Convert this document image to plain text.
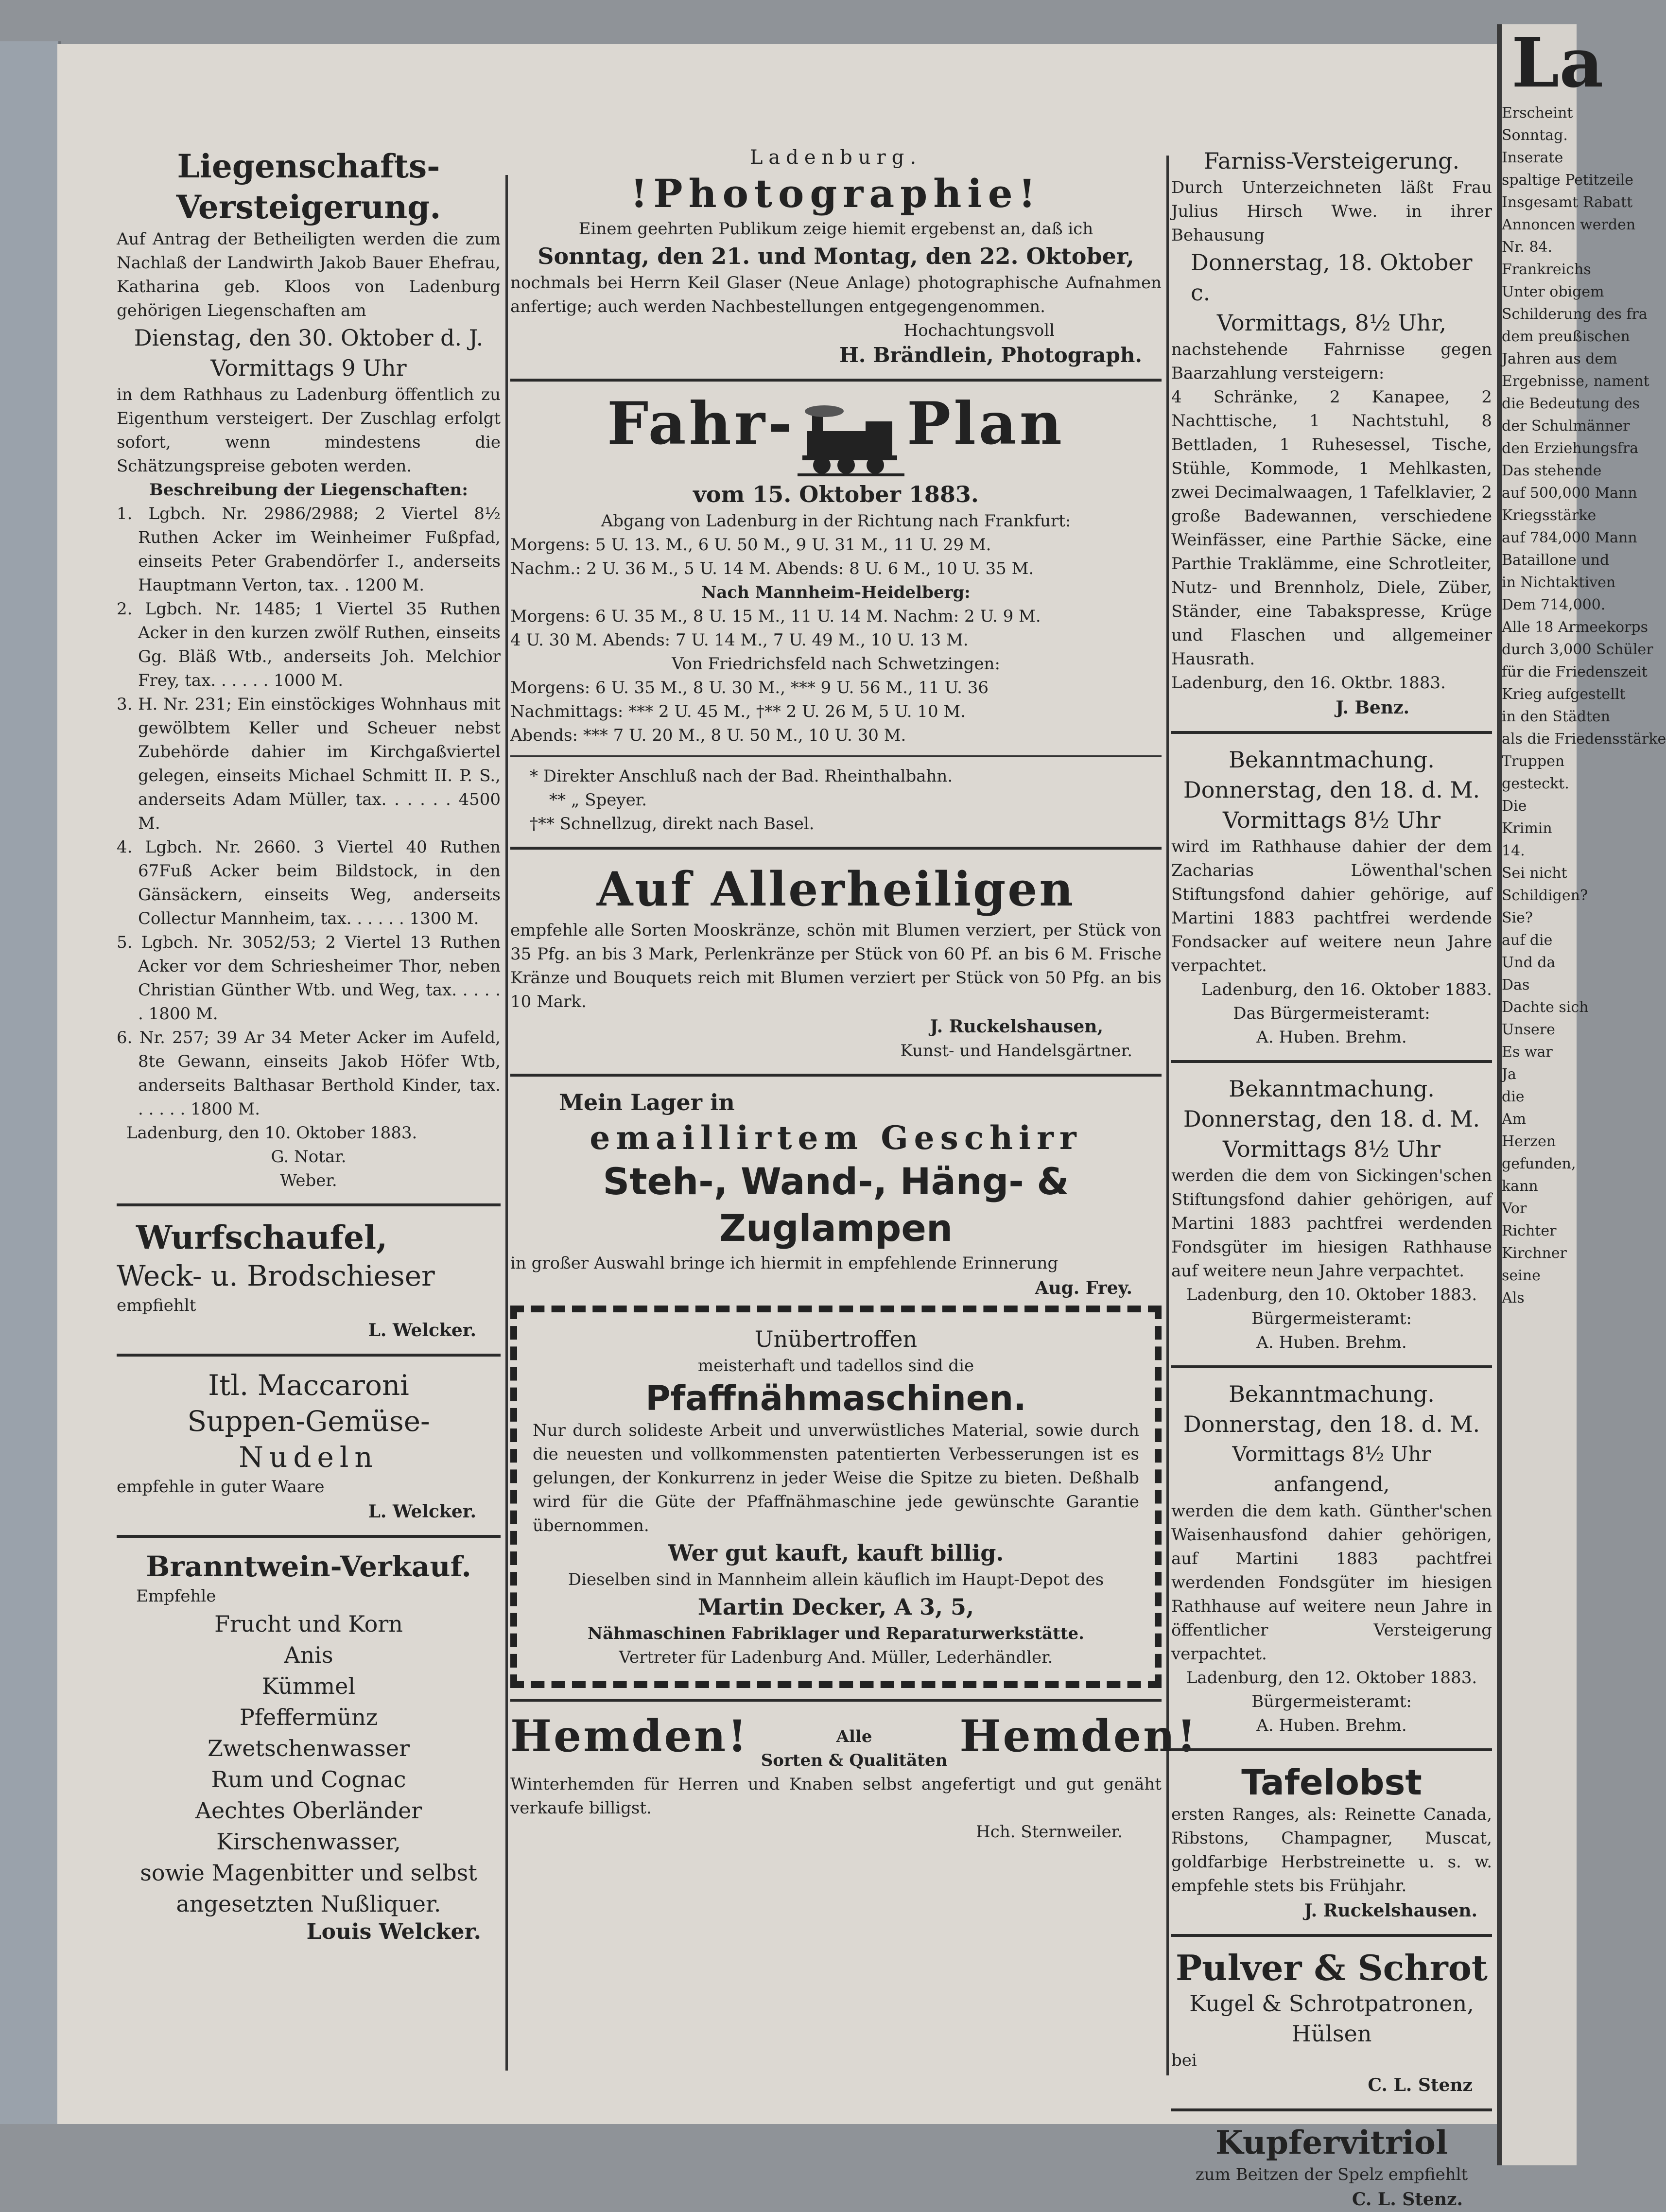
Liegenschafts-

Versteigerung.

Auf Antrag der Betheiligten werden die zum Nachlaß der Landwirth Jakob Bauer Ehefrau, Katharina geb. Kloos von Ladenburg gehörigen Liegenschaften am

Dienstag, den 30. Oktober d. J.

Vormittags 9 Uhr

in dem Rathhaus zu Ladenburg öffentlich zu Eigenthum versteigert. Der Zuschlag erfolgt sofort, wenn mindestens die Schätzungspreise geboten werden.

Beschreibung der Liegenschaften:

1. Lgbch. Nr. 2986/2988; 2 Viertel 8½ Ruthen Acker im Weinheimer Fußpfad, einseits Peter Grabendörfer I., anderseits Hauptmann Verton, tax. . 1200 M.

2. Lgbch. Nr. 1485; 1 Viertel 35 Ruthen Acker in den kurzen zwölf Ruthen, einseits Gg. Bläß Wtb., anderseits Joh. Melchior Frey, tax. . . . . . 1000 M.

3. H. Nr. 231; Ein einstöckiges Wohnhaus mit gewölbtem Keller und Scheuer nebst Zubehörde dahier im Kirchgaßviertel gelegen, einseits Michael Schmitt II. P. S., anderseits Adam Müller, tax. . . . . . 4500 M.

4. Lgbch. Nr. 2660. 3 Viertel 40 Ruthen 67Fuß Acker beim Bildstock, in den Gänsäckern, einseits Weg, anderseits Collectur Mannheim, tax. . . . . . 1300 M.

5. Lgbch. Nr. 3052/53; 2 Viertel 13 Ruthen Acker vor dem Schriesheimer Thor, neben Christian Günther Wtb. und Weg, tax. . . . . . 1800 M.

6. Nr. 257; 39 Ar 34 Meter Acker im Aufeld, 8te Gewann, einseits Jakob Höfer Wtb, anderseits Balthasar Berthold Kinder, tax. . . . . . 1800 M.

Ladenburg, den 10. Oktober 1883.

G. Notar.

Weber.

Wurfschaufel,

Weck- u. Brodschieser

empfiehlt

L. Welcker.

Itl. Maccaroni

Suppen-Gemüse-

Nudeln

empfehle in guter Waare

L. Welcker.

Branntwein-Verkauf.

Empfehle

Frucht und Korn

Anis

Kümmel

Pfeffermünz

Zwetschenwasser

Rum und Cognac

Aechtes Oberländer

Kirschenwasser,

sowie Magenbitter und selbst

angesetzten Nußliquer.

Louis Welcker.

Ladenburg.

!Photographie!

Einem geehrten Publikum zeige hiemit ergebenst an, daß ich

Sonntag, den 21. und Montag, den 22. Oktober,

nochmals bei Herrn Keil Glaser (Neue Anlage) photographische Aufnahmen anfertige; auch werden Nachbestellungen entgegengenommen.

Hochachtungsvoll

H. Brändlein, Photograph.

Fahr- Plan

vom 15. Oktober 1883.

Abgang von Ladenburg in der Richtung nach Frankfurt:

Morgens: 5 U. 13. M., 6 U. 50 M., 9 U. 31 M., 11 U. 29 M.

Nachm.: 2 U. 36 M., 5 U. 14 M. Abends: 8 U. 6 M., 10 U. 35 M.

Nach Mannheim-Heidelberg:

Morgens: 6 U. 35 M., 8 U. 15 M., 11 U. 14 M. Nachm: 2 U. 9 M.

4 U. 30 M. Abends: 7 U. 14 M., 7 U. 49 M., 10 U. 13 M.

Von Friedrichsfeld nach Schwetzingen:

Morgens: 6 U. 35 M., 8 U. 30 M., *** 9 U. 56 M., 11 U. 36

Nachmittags: *** 2 U. 45 M., †** 2 U. 26 M, 5 U. 10 M.

Abends: *** 7 U. 20 M., 8 U. 50 M., 10 U. 30 M.

* Direkter Anschluß nach der Bad. Rheinthalbahn.

** „ Speyer.

†** Schnellzug, direkt nach Basel.

Auf Allerheiligen

empfehle alle Sorten Mooskränze, schön mit Blumen verziert, per Stück von 35 Pfg. an bis 3 Mark, Perlenkränze per Stück von 60 Pf. an bis 6 M. Frische Kränze und Bouquets reich mit Blumen verziert per Stück von 50 Pfg. an bis 10 Mark.

J. Ruckelshausen,

Kunst- und Handelsgärtner.

Mein Lager in

emaillirtem Geschirr

Steh-, Wand-, Häng- &

Zuglampen

in großer Auswahl bringe ich hiermit in empfehlende Erinnerung

Aug. Frey.

Unübertroffen

meisterhaft und tadellos sind die

Pfaffnähmaschinen.

Nur durch solideste Arbeit und unverwüstliches Material, sowie durch die neuesten und vollkommensten patentierten Verbesserungen ist es gelungen, der Konkurrenz in jeder Weise die Spitze zu bieten. Deßhalb wird für die Güte der Pfaffnähmaschine jede gewünschte Garantie übernommen.

Wer gut kauft, kauft billig.

Dieselben sind in Mannheim allein käuflich im Haupt-Depot des

Martin Decker, A 3, 5,

Nähmaschinen Fabriklager und Reparaturwerkstätte.

Vertreter für Ladenburg And. Müller, Lederhändler.

Hemden!	Alle
Sorten & Qualitäten Hemden!

Winterhemden für Herren und Knaben selbst angefertigt und gut genäht verkaufe billigst.

Hch. Sternweiler.

Farniss-Versteigerung.

Durch Unterzeichneten läßt Frau Julius Hirsch Wwe. in ihrer Behausung

Donnerstag, 18. Oktober c.

Vormittags, 8½ Uhr,

nachstehende Fahrnisse gegen Baarzahlung versteigern:

4 Schränke, 2 Kanapee, 2 Nachttische, 1 Nachtstuhl, 8 Bettladen, 1 Ruhesessel, Tische, Stühle, Kommode, 1 Mehlkasten, zwei Decimalwaagen, 1 Tafelklavier, 2 große Badewannen, verschiedene Weinfässer, eine Parthie Säcke, eine Parthie Traklämme, eine Schrotleiter, Nutz- und Brennholz, Diele, Züber, Ständer, eine Tabakspresse, Krüge und Flaschen und allgemeiner Hausrath.

Ladenburg, den 16. Oktbr. 1883.

J. Benz.

Bekanntmachung.

Donnerstag, den 18. d. M.

Vormittags 8½ Uhr

wird im Rathhause dahier der dem Zacharias Löwenthal'schen Stiftungsfond dahier gehörige, auf Martini 1883 pachtfrei werdende Fondsacker auf weitere neun Jahre verpachtet.

Ladenburg, den 16. Oktober 1883.

Das Bürgermeisteramt:

A. Huben. Brehm.

Bekanntmachung.

Donnerstag, den 18. d. M.

Vormittags 8½ Uhr

werden die dem von Sickingen'schen Stiftungsfond dahier gehörigen, auf Martini 1883 pachtfrei werdenden Fondsgüter im hiesigen Rathhause auf weitere neun Jahre verpachtet.

Ladenburg, den 10. Oktober 1883.

Bürgermeisteramt:

A. Huben. Brehm.

Bekanntmachung.

Donnerstag, den 18. d. M.

Vormittags 8½ Uhr anfangend,

werden die dem kath. Günther'schen Waisenhausfond dahier gehörigen, auf Martini 1883 pachtfrei werdenden Fondsgüter im hiesigen Rathhause auf weitere neun Jahre in öffentlicher Versteigerung verpachtet.

Ladenburg, den 12. Oktober 1883.

Bürgermeisteramt:

A. Huben. Brehm.

Tafelobst

ersten Ranges, als: Reinette Canada, Ribstons, Champagner, Muscat, goldfarbige Herbstreinette u. s. w. empfehle stets bis Frühjahr.

J. Ruckelshausen.

Pulver & Schrot

Kugel & Schrotpatronen,

Hülsen

bei

C. L. Stenz

Kupfervitriol

zum Beitzen der Spelz empfiehlt

C. L. Stenz.

La

Erscheint

Sonntag.

Inserate

spaltige Petitzeile

Insgesamt Rabatt

Annoncen werden

Nr. 84.

Frankreichs

Unter obigem

Schilderung des fra

dem preußischen

Jahren aus dem

Ergebnisse, nament

die Bedeutung des

der Schulmänner

den Erziehungsfra

Das stehende

auf 500,000 Mann

Kriegsstärke

auf 784,000 Mann

Bataillone und

in Nichtaktiven

Dem 714,000.

Alle 18 Armeekorps

durch 3,000 Schüler

für die Friedenszeit

Krieg aufgestellt

in den Städten

als die Friedensstärke

Truppen

gesteckt.

Die

Krimin

14.

Sei nicht

Schildigen?

Sie?

auf die

Und da

Das

Dachte sich

Unsere

Es war

Ja

die

Am

Herzen

gefunden,

kann

Vor

Richter

Kirchner

seine

Als
